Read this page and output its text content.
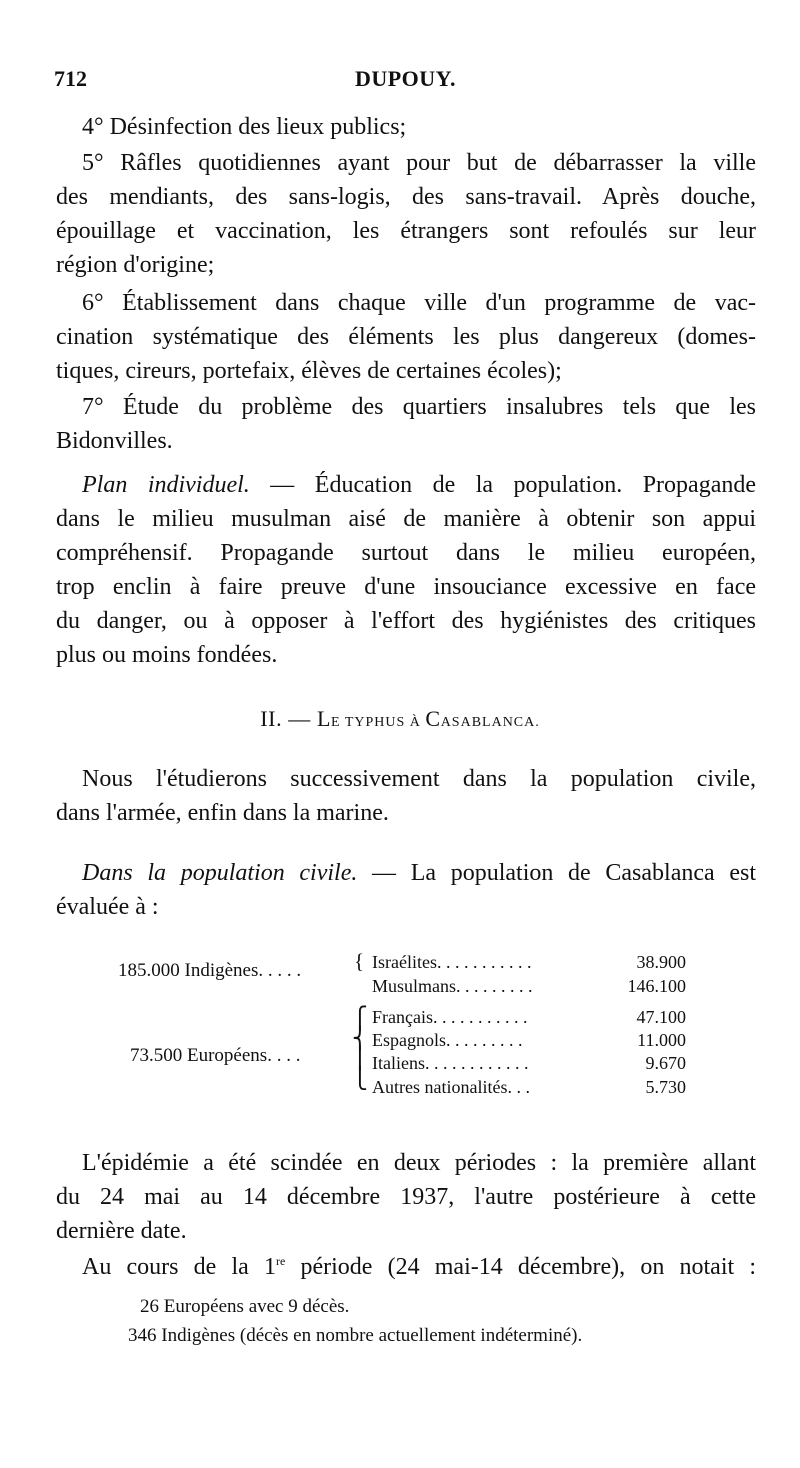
712	DUPOUY.
4° Désinfection des lieux publics;
5° Râfles quotidiennes ayant pour but de débarrasser la ville
des mendiants, des sans-logis, des sans-travail. Après douche,
épouillage et vaccination, les étrangers sont refoulés sur leur
région d'origine;
6° Établissement dans chaque ville d'un programme de vac-
cination systématique des éléments les plus dangereux (domes-
tiques, cireurs, portefaix, élèves de certaines écoles);
7° Étude du problème des quartiers insalubres tels que les
Bidonvilles.
Plan individuel. — Éducation de la population. Propagande
dans le milieu musulman aisé de manière à obtenir son appui
compréhensif. Propagande surtout dans le milieu européen,
trop enclin à faire preuve d'une insouciance excessive en face
du danger, ou à opposer à l'effort des hygiénistes des critiques
plus ou moins fondées.
II. — LE TYPHUS À CASABLANCA.
Nous l'étudierons successivement dans la population civile,
dans l'armée, enfin dans la marine.
Dans la population civile. — La population de Casablanca est
évaluée à :
185.000 Indigènes. . . . .	{ Israélites. . . . . . . . . . .	38.900
Musulmans. . . . . . . . .	146.100
73.500 Européens. . . .
⎧
⎨
⎪
⎩
Français. . . . . . . . . . .	47.100
Espagnols. . . . . . . . .	11.000
Italiens. . . . . . . . . . . .	9.670
Autres nationalités. . .	5.730
L'épidémie a été scindée en deux périodes : la première allant
du 24 mai au 14 décembre 1937, l'autre postérieure à cette
dernière date.
Au cours de la 1re période (24 mai-14 décembre), on notait :
26 Européens avec 9 décès.
346 Indigènes (décès en nombre actuellement indéterminé).
